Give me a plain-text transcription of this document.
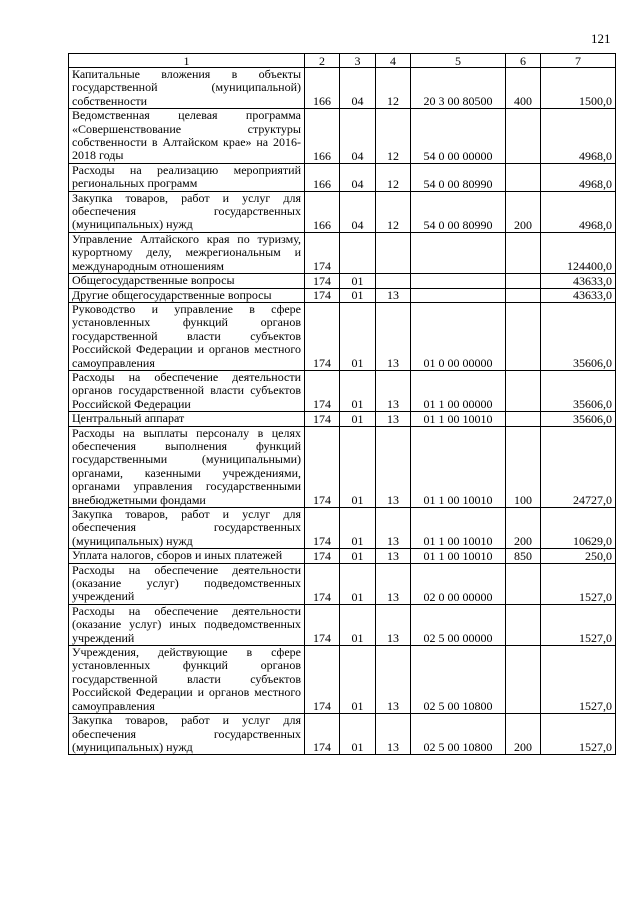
121
1	2	3	4	5	6	7
Капитальные вложения в объекты государственной (муниципальной) собственности	166	04	12	20 3 00 80500	400	1500,0
Ведомственная целевая программа «Совершенствование структуры собственности в Алтайском крае» на 2016-2018 годы	166	04	12	54 0 00 00000		4968,0
Расходы на реализацию мероприятий региональных программ	166	04	12	54 0 00 80990		4968,0
Закупка товаров, работ и услуг для обеспечения государственных (муниципальных) нужд	166	04	12	54 0 00 80990	200	4968,0
Управление Алтайского края по туризму, курортному делу, межрегиональным и международным отношениям	174					124400,0
Общегосударственные вопросы	174	01				43633,0
Другие общегосударственные вопросы	174	01	13			43633,0
Руководство и управление в сфере установленных функций органов государственной власти субъектов Российской Федерации и органов местного самоуправления	174	01	13	01 0 00 00000		35606,0
Расходы на обеспечение деятельности органов государственной власти субъектов Российской Федерации	174	01	13	01 1 00 00000		35606,0
Центральный аппарат	174	01	13	01 1 00 10010		35606,0
Расходы на выплаты персоналу в целях обеспечения выполнения функций государственными (муниципальными) органами, казенными учреждениями, органами управления государственными внебюджетными фондами	174	01	13	01 1 00 10010	100	24727,0
Закупка товаров, работ и услуг для обеспечения государственных (муниципальных) нужд	174	01	13	01 1 00 10010	200	10629,0
Уплата налогов, сборов и иных платежей	174	01	13	01 1 00 10010	850	250,0
Расходы на обеспечение деятельности (оказание услуг) подведомственных учреждений	174	01	13	02 0 00 00000		1527,0
Расходы на обеспечение деятельности (оказание услуг) иных подведомственных учреждений	174	01	13	02 5 00 00000		1527,0
Учреждения, действующие в сфере установленных функций органов государственной власти субъектов Российской Федерации и органов местного самоуправления	174	01	13	02 5 00 10800		1527,0
Закупка товаров, работ и услуг для обеспечения государственных (муниципальных) нужд	174	01	13	02 5 00 10800	200	1527,0
